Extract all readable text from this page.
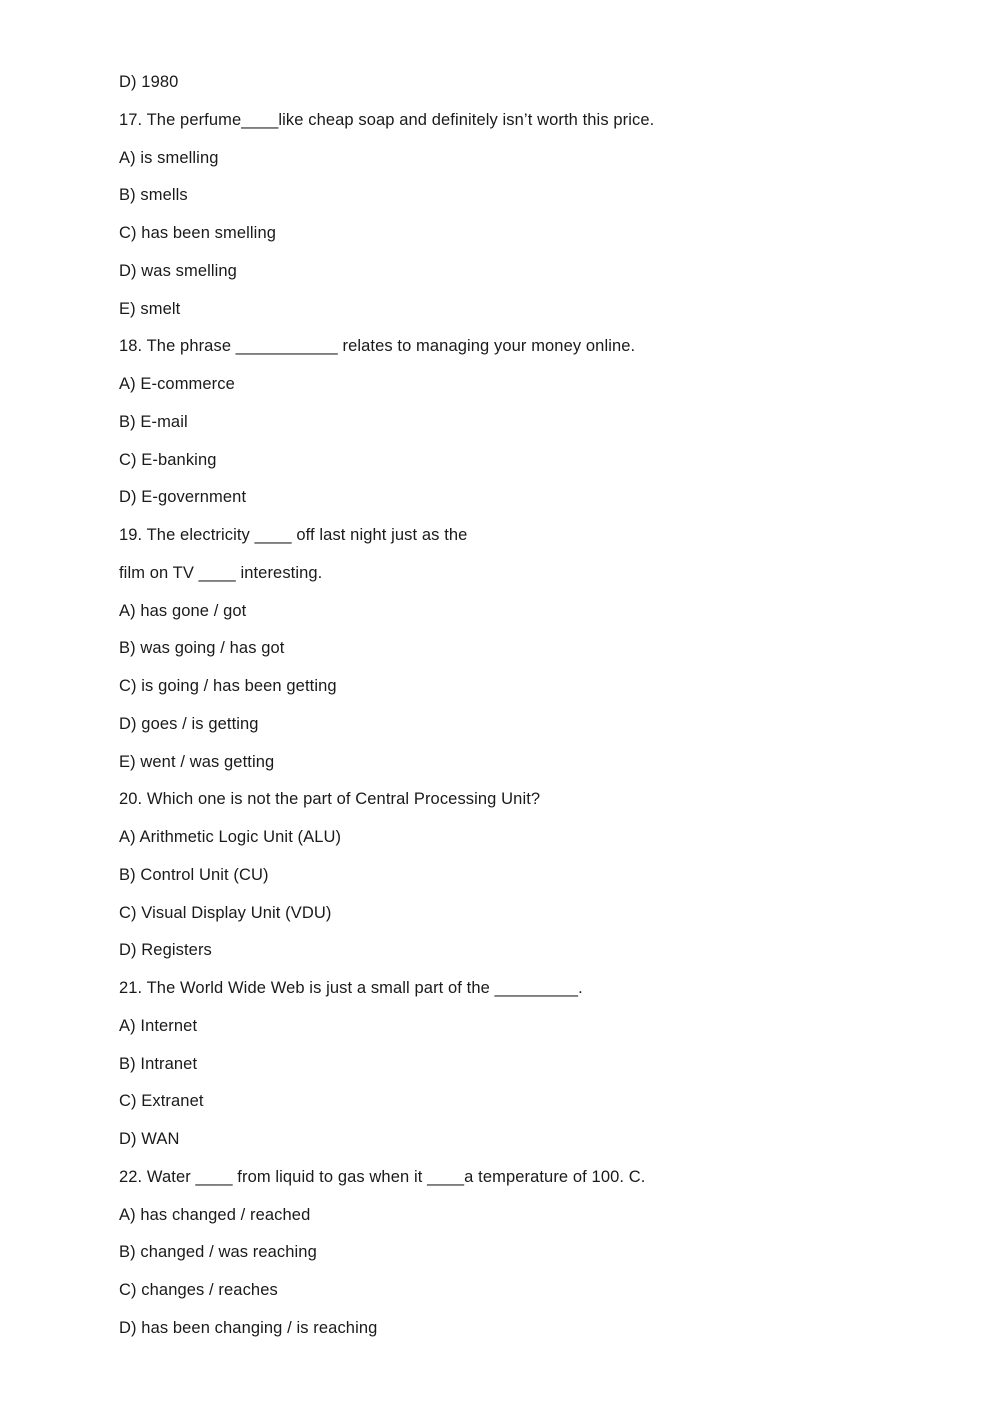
D) 1980
17. The perfume____like cheap soap and definitely isn’t worth this price.
A) is smelling
B) smells
C) has been smelling
D) was smelling
E) smelt
18. The phrase ___________ relates to managing your money online.
A) E-commerce
B) E-mail
C) E-banking
D) E-government
19. The electricity ____ off last night just as the
film on TV ____ interesting.
A) has gone / got
B) was going / has got
C) is going / has been getting
D) goes / is getting
E) went / was getting
20. Which one is not the part of Central Processing Unit?
A) Arithmetic Logic Unit (ALU)
B) Control Unit (CU)
C) Visual Display Unit (VDU)
D) Registers
21. The World Wide Web is just a small part of the _________.
A) Internet
B) Intranet
C) Extranet
D) WAN
22. Water ____ from liquid to gas when it ____a temperature of 100. C.
A) has changed / reached
B) changed / was reaching
C) changes / reaches
D) has been changing / is reaching
